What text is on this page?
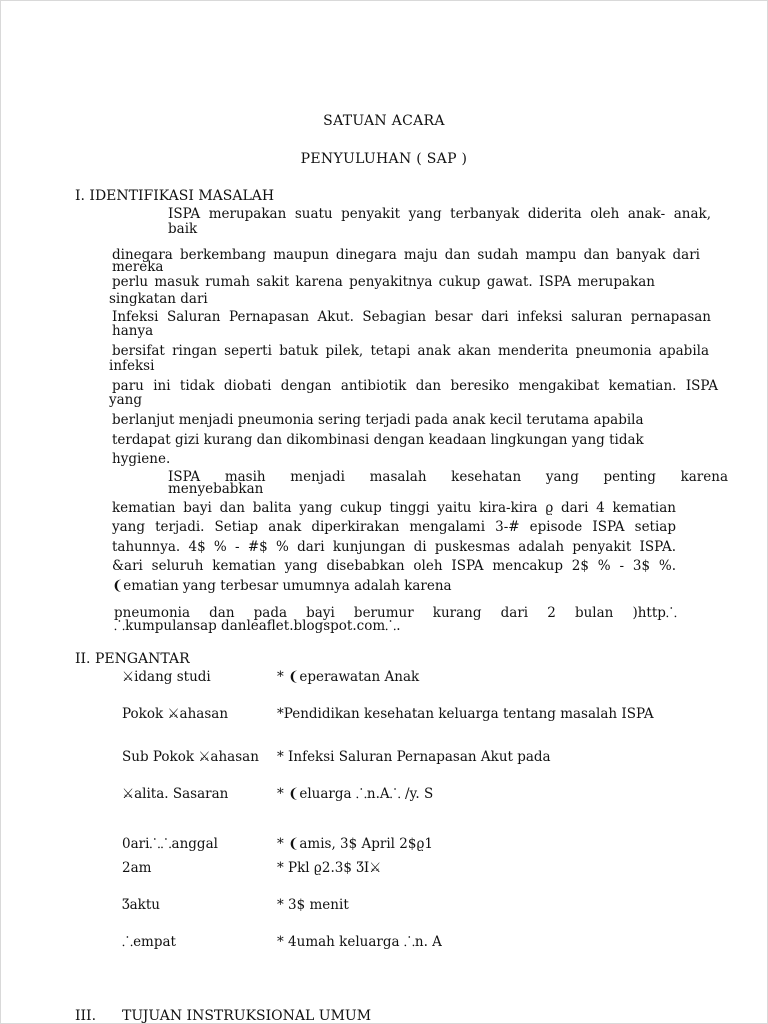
SATUAN ACARA
PENYULUHAN ( SAP )
I. IDENTIFIKASI MASALAH
ISPA merupakan suatu penyakit yang terbanyak diderita oleh anak- anak,
baik
dinegara berkembang maupun dinegara maju dan sudah mampu dan banyak dari
mereka
perlu masuk rumah sakit karena penyakitnya cukup gawat. ISPA merupakan
singkatan dari
Infeksi Saluran Pernapasan Akut. Sebagian besar dari infeksi saluran pernapasan
hanya
bersifat ringan seperti batuk pilek, tetapi anak akan menderita pneumonia apabila
infeksi
paru ini tidak diobati dengan antibiotik dan beresiko mengakibat kematian. ISPA
yang
berlanjut menjadi pneumonia sering terjadi pada anak kecil terutama apabila
terdapat gizi kurang dan dikombinasi dengan keadaan lingkungan yang tidak
hygiene.
ISPA masih menjadi masalah kesehatan yang penting karena
menyebabkan
kematian bayi dan balita yang cukup tinggi yaitu kira-kira ϱ dari 4 kematian
yang terjadi. Setiap anak diperkirakan mengalami 3-# episode ISPA setiap
tahunnya. 4$ % - #$ % dari kunjungan di puskesmas adalah penyakit ISPA.
&ari seluruh kematian yang disebabkan oleh ISPA mencakup 2$ % - 3$ %.
❨ematian yang terbesar umumnya adalah karena
pneumonia dan pada bayi berumur kurang dari 2 bulan )http⸫
⸫kumpulansap danleaflet.blogspot.com⸫.
II. PENGANTAR
⚔idang studi	* ❨eperawatan Anak
Pokok ⚔ahasan	*Pendidikan kesehatan keluarga tentang masalah ISPA
Sub Pokok ⚔ahasan * Infeksi Saluran Pernapasan Akut pada
⚔alita. Sasaran	* ❨eluarga ⸫n.A⸫ /y. S
0ari⸫⸫anggal	* ❨amis, 3$ April 2$ϱ1
2am	* Pkl ϱ2.3$ ƷI⚔
Ʒaktu	* 3$ menit
⸫empat	* 4umah keluarga ⸫n. A
III. TUJUAN INSTRUKSIONAL UMUM
